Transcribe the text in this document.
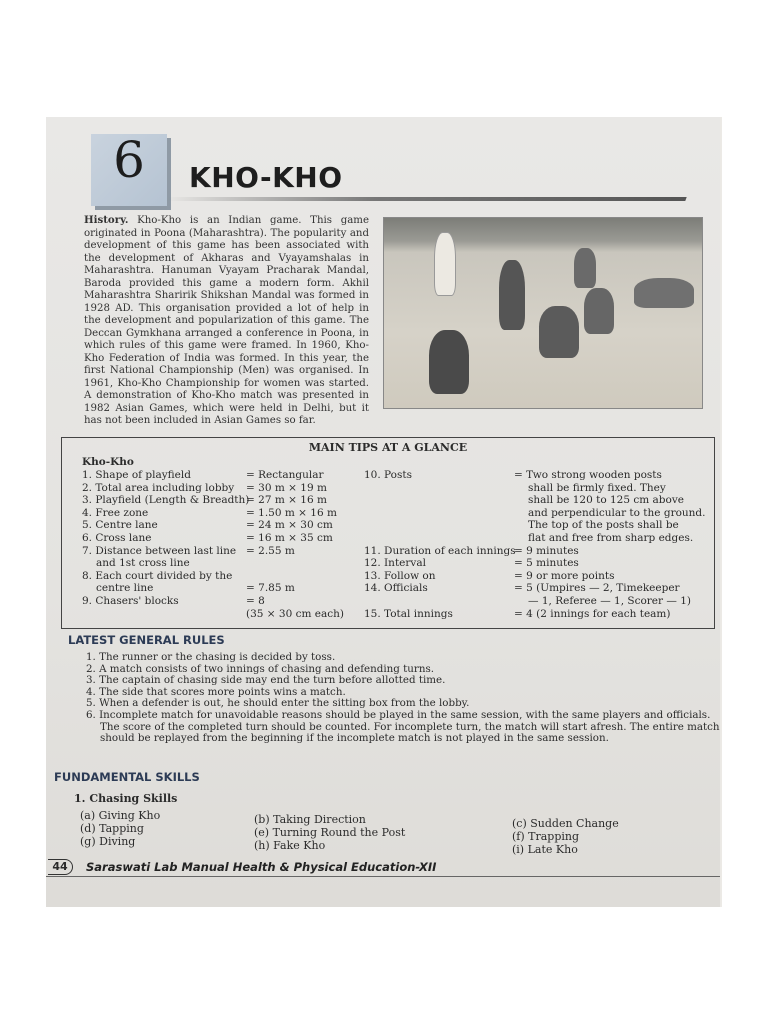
6	KHO-KHO
History. Kho-Kho is an Indian game. This game originated in Poona (Maharashtra). The popularity and development of this game has been associated with the development of Akharas and Vyayamshalas in Maharashtra. Hanuman Vyayam Pracharak Mandal, Baroda provided this game a modern form. Akhil Maharashtra Sharirik Shikshan Mandal was formed in 1928 AD. This organisation provided a lot of help in the development and popularization of this game. The Deccan Gymkhana arranged a conference in Poona, in which rules of this game were framed. In 1960, Kho-Kho Federation of India was formed. In this year, the first National Championship (Men) was organised. In 1961, Kho-Kho Championship for women was started. A demonstration of Kho-Kho match was presented in 1982 Asian Games, which were held in Delhi, but it has not been included in Asian Games so far.
MAIN TIPS AT A GLANCE
Kho-Kho
1. Shape of playfield
2. Total area including lobby
3. Playfield (Length & Breadth)
4. Free zone
5. Centre lane
6. Cross lane
7. Distance between last line
and 1st cross line
8. Each court divided by the
centre line
9. Chasers' blocks

= Rectangular
= 30 m × 19 m
= 27 m × 16 m
= 1.50 m × 16 m
= 24 m × 30 cm
= 16 m × 35 cm
= 2.55 m

= 7.85 m
= 8
(35 × 30 cm each)
10. Posts

11. Duration of each innings
12. Interval
13. Follow on
14. Officials

15. Total innings
= Two strong wooden posts
shall be firmly fixed. They
shall be 120 to 125 cm above
and perpendicular to the ground.
The top of the posts shall be
flat and free from sharp edges.
= 9 minutes
= 5 minutes
= 9 or more points
= 5 (Umpires — 2, Timekeeper
— 1, Referee — 1, Scorer — 1)
= 4 (2 innings for each team)
LATEST GENERAL RULES
1. The runner or the chasing is decided by toss.
2. A match consists of two innings of chasing and defending turns.
3. The captain of chasing side may end the turn before allotted time.
4. The side that scores more points wins a match.
5. When a defender is out, he should enter the sitting box from the lobby.
6. Incomplete match for unavoidable reasons should be played in the same session, with the same players and officials.
The score of the completed turn should be counted. For incomplete turn, the match will start afresh. The entire match
should be replayed from the beginning if the incomplete match is not played in the same session.
FUNDAMENTAL SKILLS
1. Chasing Skills
(a) Giving Kho
(d) Tapping
(g) Diving
(b) Taking Direction
(e) Turning Round the Post
(h) Fake Kho
(c) Sudden Change
(f) Trapping
(i) Late Kho
44	Saraswati Lab Manual Health & Physical Education-XII
